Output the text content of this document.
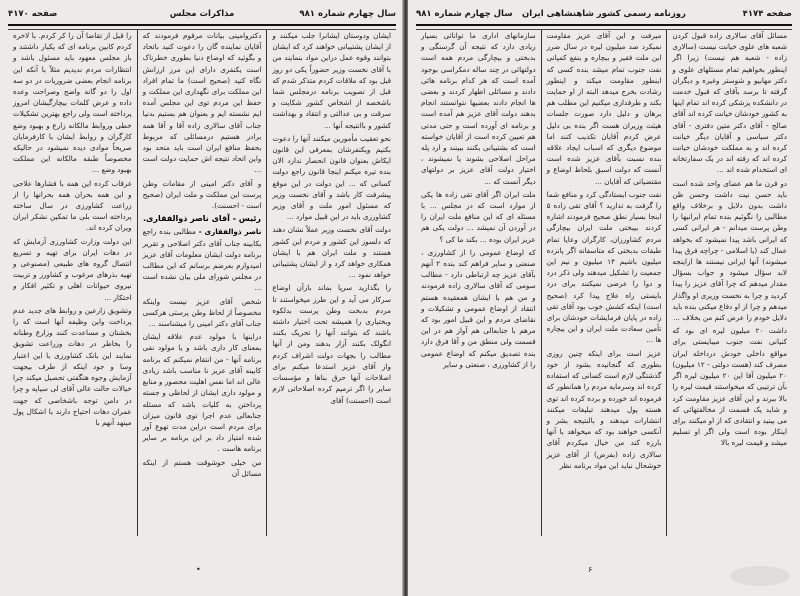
سال چهارم شماره ۹۸۱
مذاکرات مجلس
صفحه ۴۱۷۰

ایشان ودوستان ایشانرا جلب میکنند و از ایشان پشتیبانی خواهند کرد که ایشان بتوانند وقوه عمل دراین مواد بنمایند من با آقای نخست وزیر حضوراً یکی دو روز قبل بود که ملاقات کردم متذکر شدم که قبل از تصویب برنامه درمجلس شما باشخصه از اشخاص کشور شکایت و سرقت و بی عدالتی و انتقاد و بهداشت کشور و باانتیجه آنها ...

نحو تعقیب مأمورین میکنند آنها را دعوت بکنیم ویکنفرشان بمعرفی این قانون ایکاش بعنوان قانون انحصار ندارد الان بنده تیره میکنم اینجا قانون راجع دولت کسانی که ... این دولت در این موقع پیشرفت کار باشد و آقای نخست وزیر که مسئول امور ملت و آقای وزیر کشاورزی باید در این قبیل موارد ...

دولت آقای نخست وزیر عملاً نشان دهند که دلسوز این کشور و مردم این کشور هستند و ملت ایران هم با ایشان همکاری خواهد کرد و از ایشان پشتیبانی خواهد نمود ...

را بگذارید سرپا بماند بازآن اوضاع سرکار می آید و این طرز میخواستند تا مردم بدبخت وطن پرست بدلکوه وبختیاری را همیشه تحت اختیار داشته باشند که بتوانند آنها را تحریک بکنند انگولک بکنند آزار بدهند ومن از آنها مطالب را بجهات دولت اشراف کردم واز آقای عزیز استدعا میکنم برای اصلاحات آنها حرق بناها و مؤسسات سایر را اگر ترمیم کرده اصلاحاتی لازم است (احسنت) آقای

دکتروامینی بیانات مرقوم فرمودند که آقایان نماینده گان را دعوت کنید باتحاد و بگوئید که اوضاع دنیا بطوری خطرناک است یکنفری دارای این مرز ارزانش نگاه کنید (صحیح است) ما تمام افراد این مملکت برای نگهداری این مملکت و حفظ این مردم توی این مجلس آمده ایم نشسته ایم و بعنوان هم بستیم بدنیا جناب آقای سالاری زاده آقا و آقا همه برادر هستیم درمسائلی که مربوط بحفظ منافع ایران است باید متحد بود واین اتحاد نتیجه اش حمایت دولت است ...

و آقای دکتر امینی از مقامات وطن پرست این مملکت و ملت ایران (صحیح است - احسنت).

رئیس - آقای ناصر ذوالفقاری.

ناصر ذوالفقاری - مطالبی بنده راجع بکابینه جناب آقای دکتر اصلاحی و تقریر برنامه دولت ایشان معلومات آقای عزیز امیدوارم بعرضم برسانم که این مطالب در مجلس شورای ملی بیان نشده است ...

شخص آقای عزیز نیست واینکه مخصوصاً از لحاظ وطن پرستی هرکسی جناب آقای دکتر امینی را میشناسند ...

دراینها با مولود عدم علاقه ایشان بمعنای کار داری باشد و یا مولود نفی برنامه آنها - من انتقام نمیکنم که برنامه کابینه آقای عزیز نا مناسب باشد زیادی عالی اند اما نفس اهلیت محصور و منابع و مولود داری ایشان از لحاظی و جسته پرداختن به کلیات باشد که مسئله جنابعالی عدم اجرا توی قانون میزان برای مردم است دراین مدت تهوع آور شده امتیاز داد بر این برنامه بر سایر برنامه هاست .

من خیلی خوشوقت هستم از اینکه مسائل آن

را قبل از تقاضا آن را کر کردم. با لاخره کردم کابین برنامه ای که یکبار داشتند و باز مجلس معهود باید مسئول باشد و انتظارات مردم ندیدیم مثلاً با آنکه این برنامه انجام بعضی ضروریات در دو سه اول را دو گانه واضح وصراحت وعده داده و عرض کلمات بیچارگیشان امروز پرداخته است ولی راجع بهترین تشکیلات خطی وروابط مالکانه زارع و بهبود وضع کارگران و روابط ایشان با کارفرمایان صریحاً موادی دیده نمیشود در حالیکه مخصوصاً طبقه مالکانه این مملکت بهبود وضع ...

غرقاب کرده این همه با فشارها علاجی و این همه بحران همه بحرانها را از زراعت کشاورزی در سال ساخته پرداخته است بلی ما تمکین نشکر ایران ویران کرده اند.

این دولت وزارت کشاورزی آزمایش که در دهات ایران برای تهیه و تسریع انتصال گروه های طبیعی (مصنوعی و تهیه بذرهای مرغوب و کشاورز و تربیت نیروی حیوانات اهلی و تکثیر افکار و احتکار ...

وتشویق زارعین و روابط های جدید عدم پرداخت واین وظیفه آنها است که را بخشتان و مساعدت کنند وزارع وطنانه را بخاطر در دهات وزراعت تشویق نمایند این بانک کشاورزی با این اعتبار وسا و جود اینکه از طرف بیجهت آزمایش وجوه هنگفتی تحصیل میکند چرا خیالات حالت عالی آقای لی سیاپه و چرا در دامن توجه باشخاصی که جهت عمران دهات احتیاج دارند با اشکال پول مینهد آنهم با

•
صفحه ۴۱۷۴
روزنامه رسمی کشور شاهنشاهی ایران
سال چهارم شماره ۹۸۱

مسائل آقای سالاری زاده قبول کردن شعبه های علوی خیانت نیست (سالاری زاده - شعبه هم نیست) زیرا اگر اینطور بخواهیم تمام مسئلهای علوی و دکتر مهابیو و شوستر وغیره و دیگران گرفته تا برسد بآقای که قبول خدمت در دانشکده پزشکی کرده اند تمام اینها به کشور خودشان خیانت کرده اند آقای صالح - آقای دکتر متین دفتری - آقای دکتر سیاسی و آقایان دیگر خیانت کرده اند و به مملکت خودشان خیانت کرده اند که رفته اند در یک سفارتخانه ای استخدام شده اند ...

دو قرن ما هم عضای واحد شده است باید حسن نیت داشت وحسن ظن داشت بدون دلایل و برخلاف واقع مطالبی را نگوئیم بنده تمام ایرانیها را وطن پرست میدانم - هر ایرانی کسی که ایرانی باشد پیدا نمیشود که بخواهد عمال کند (یا اسلامی - چراچه فرق پیدا میشوند) آنها ایرانی نیستند ها ازاینجه لابد سؤال میشود و جواب بسؤال مقدار میدهم که چرا آقای عزیز را پیدا کردید و چرا به نخست وزیری او واگذار میدهم و چرا از او دفاع میکنی بنده باید دلایل خودم را عرض کنم من بخلاف ...

داشت ۲۰ میلیون لیره ای بود که کنیانی نفت جنوب میبایستی برای مواقع داخلی خودش درداخله ایران مصرف کند (هست دولتی - ۱۲ میلیون) ۲۰ میلیون آقا این ۲۰ میلیون لیره اگر بآن ترتیبی که میخواستند قیمت لیره را بالا ببرند و این آقای عزیز مقاومت کرد و شاید یک قسمت از مخالفتهائی که می بینید و انتقادی که از او میکنند برای اینکار بوده است ولی اگر او تسلیم میشد و قیمت لیره بالا

میرفت و این آقای عزیز مقاومت نمیکرد صد میلیون لیره در سال ضرر این ملت فقیر و بیچاره و بنفع کمپانی نفت جنوب تمام میشد بنده کسی که اینطور مقاومت میکند و اینطور رشادت بخرج میدهد البته از او حمایت بکند و طرفداری میکنیم این مطلب هم برهان و دلیل دارد صورت جلسات هیئت وزیران هست اگر بنده بی دلیل عرض کردم آقایان تکذیب کنند اما موضوع دیگری که اسباب ایجاد علاقه بنده نسبت بآقای عزیز شده است آنست که دولت اسبق بلحاظ اوضاع و مقتضیاتی که آقایان ...

نفت جنوب ایستادگی کرد و منافع شما را گرفت به تدارید ؟ آقای تقی زاده ۵ اینجا بسیار نطق صحیح فرمودند اشاره کردند بیبختی ملت ایران بیچارگی مردم کشاورزان، کارگران وعایا تمام طبقات بدبختی که متاسفانه اگر پانزده میلیون باشیم ۱۴ میلیون و نیم این جمعیت را تشکیل میدهند ولی ذکر درد و دوا را عرضی نمیکنند برای درد بایستی راه علاج پیدا کرد (صحیح است) اینکه کشش خوب بود آقای تقی زاده در پایان فرمایشات خودشان برای تأمین سعادت ملت ایران و این بیچاره ها ...

عزیز است برای اینکه چنین روزی بطوری که گنجانیده بشود از خود گذشتگی لازم است کسانی که استفاده کرده اند وسرمایه مردم را همانطور که فرموده اند خورده و برده کرده اند توی هسته پول میدهند تبلیغات میکنند انتشارات میدهند و بالنتیجه بشر و آنکسی خواهند بود که میخواهد با آنها بارزه کند من خیال میکردم آقای سالاری زاده (بفرض) از آقای عزیز خوشحال نباید این مواد برنامه نظر

سازمانهای اداری ما توانائی بسیار زیادی دارد که نتیجه آن گرسنگی و بدبختی و بیچارگی مردم همه است دولتهائی در چند ساله دمکراسی بوجود آمده است که هر کدام برنامه هائی دادند و مسائلی اظهار کردند و بعضی ها انجام دادند بعضیها نتوانستند انجام بدهند دولت آقای عزیز هم آمده است و برنامه ای آورده است و حتی مدتی هم تعیین کرده است از آقایان خواسته است که بشتیبانی بکنند ببینند و ارد پله مراحل اصلاحی بشوند یا نمیشوند ، اختیار دولت آقای عزیز بر دولتهای دیگر آنست که ...

ملت ایران اگر آقای تقی زاده ها یکی از موارد است که در مجلس ... با مسئله ای که این منافع ملت ایران را در آوردن آن نمیشد ... دولت یکی هم عزیز ایران بوده ... بکند ما کی ؟

که اوضاع عمومی را از کشاورزی ، صنعتی و سایر فراهم کند بنده ۲ آنهم بآقای عزیز چه ارتباطی دارد - مطالب سومی که آقای سالاری زاده فرمودند و من هم با ایشان همعقیده هستم انتقاد از اوضاع عمومی و تشکیلات و نقاضای مردم و این قبیل امور بود که مرهم با جنابعالی هم آواز هم در این قسمت ولی منطق من و آقا فرق دارد بنده تصدیق میکنم که اوضاع عمومی را از کشاورزی ، صنعتی و سایر

۶
